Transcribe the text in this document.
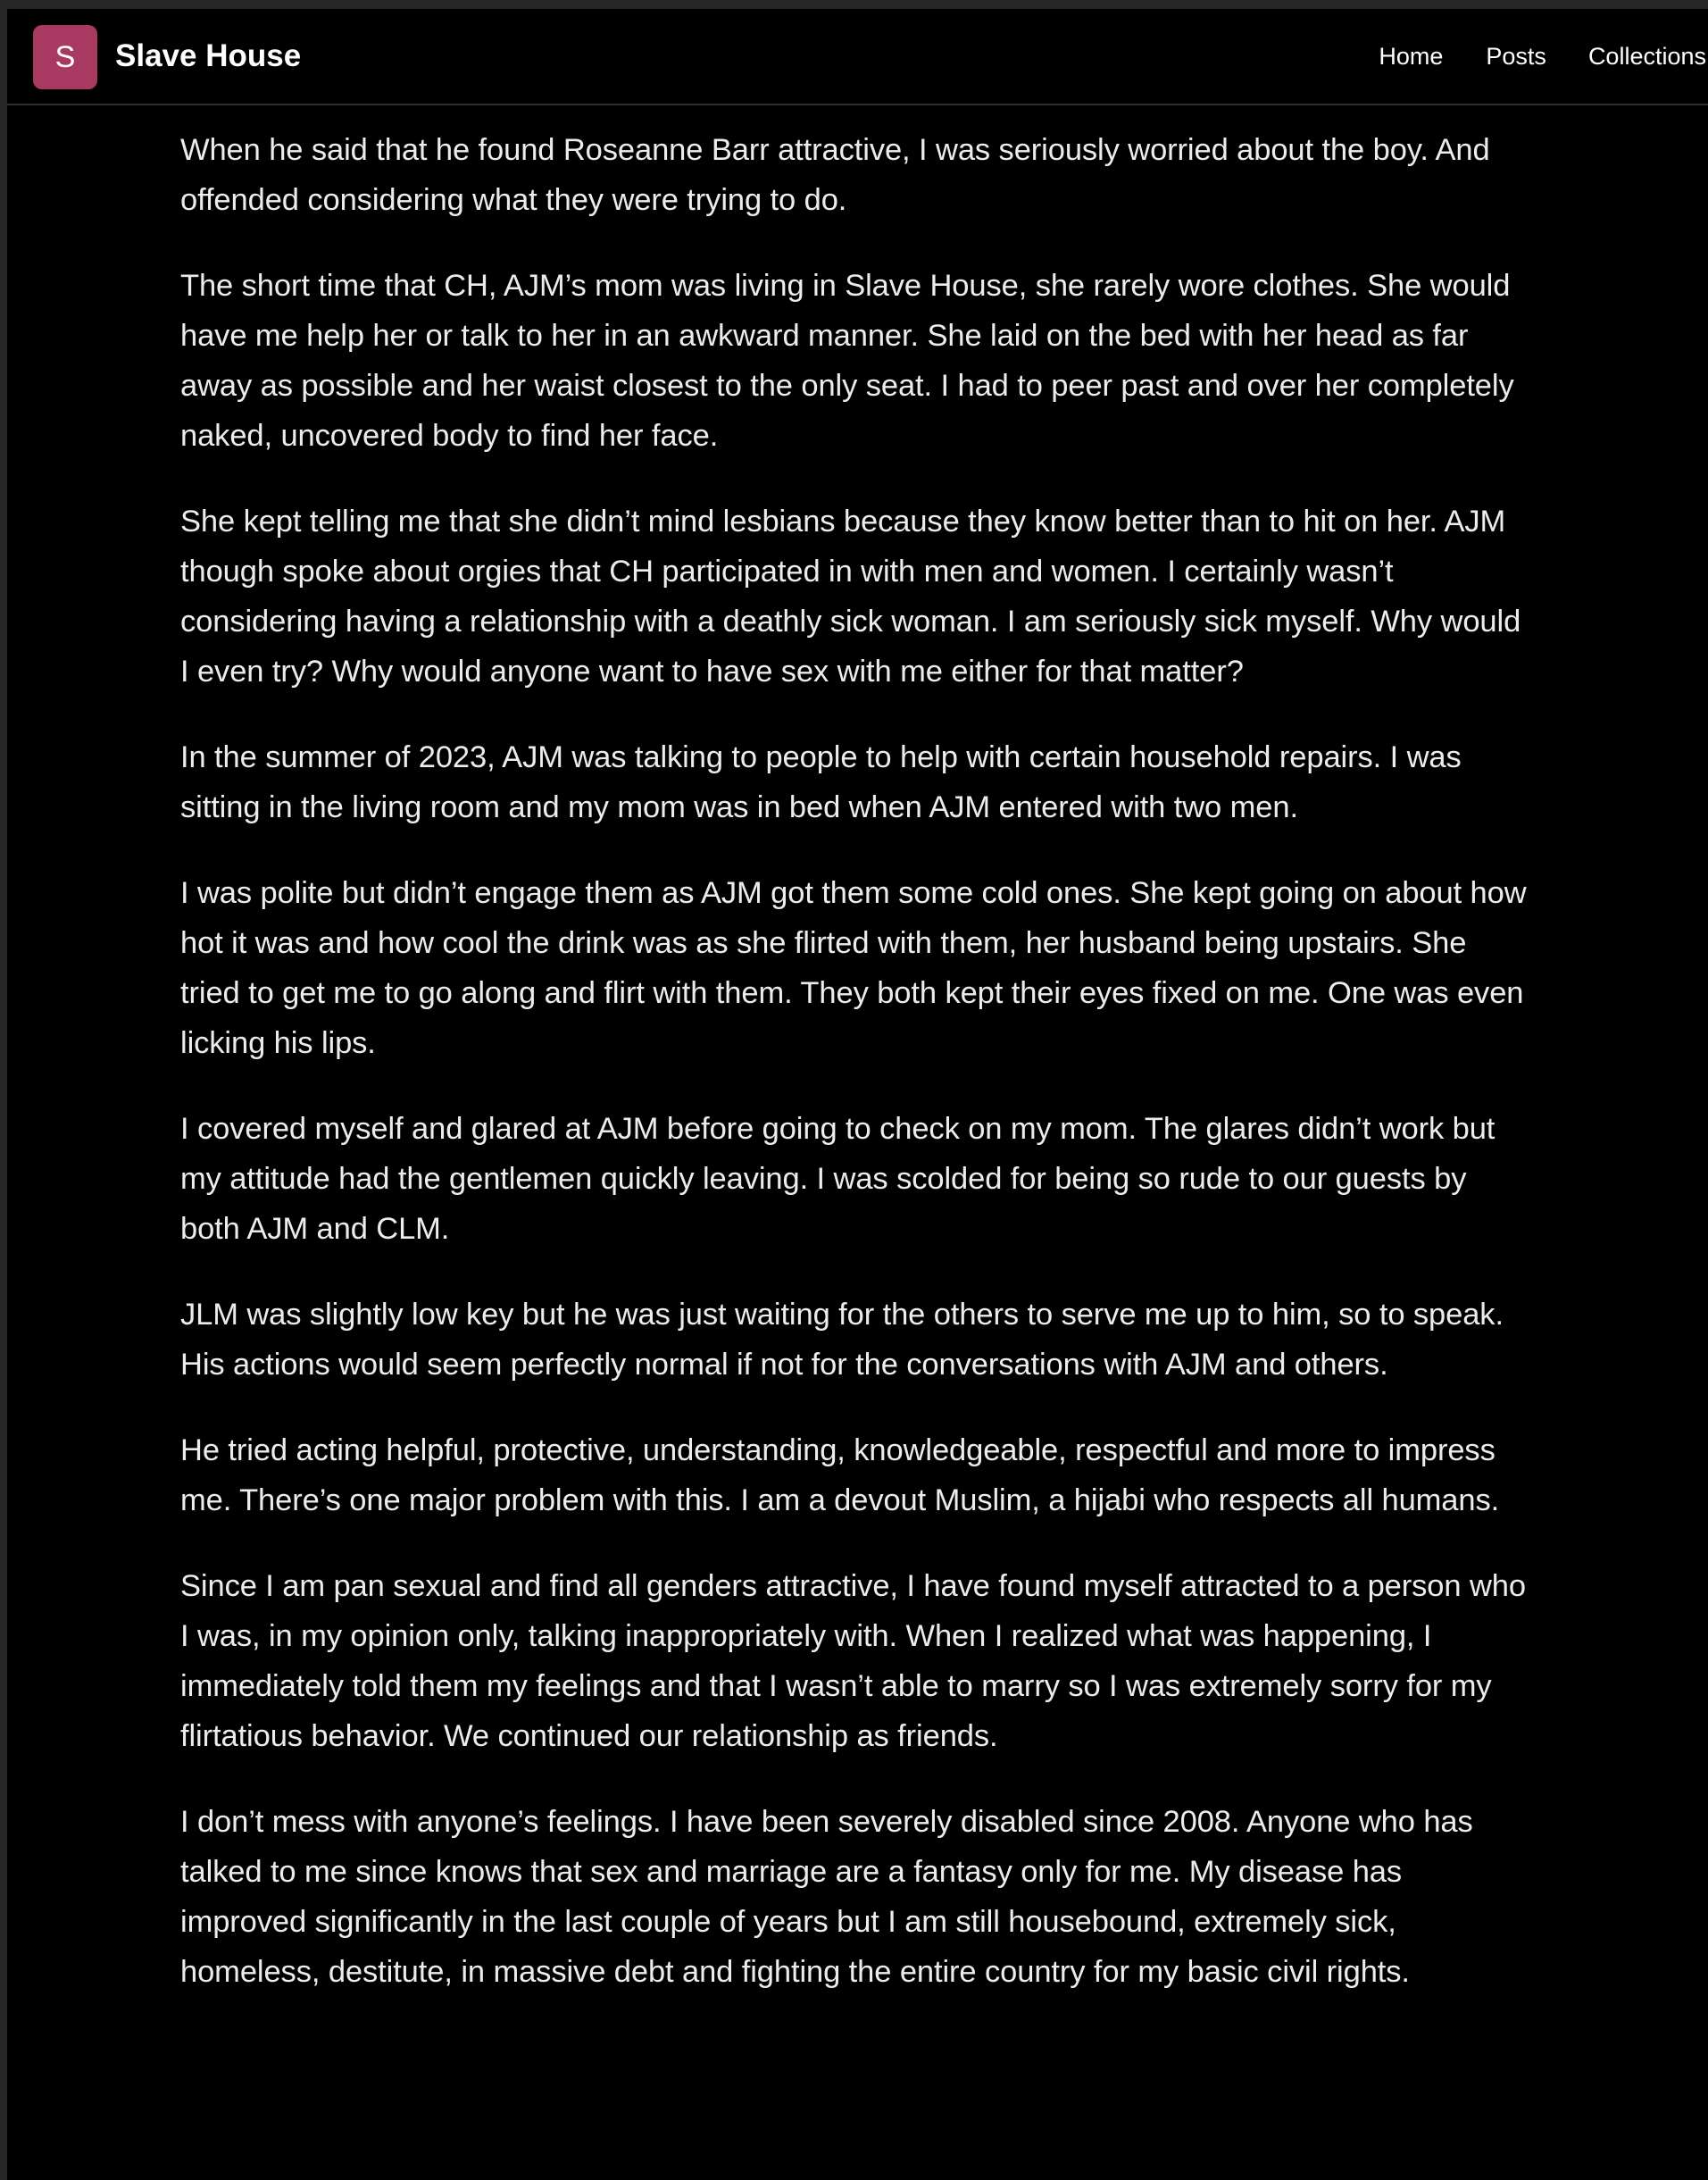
S	Slave House	Home Posts Collections

When he said that he found Roseanne Barr attractive, I was seriously worried about the boy. And offended considering what they were trying to do.

The short time that CH, AJM’s mom was living in Slave House, she rarely wore clothes. She would have me help her or talk to her in an awkward manner. She laid on the bed with her head as far away as possible and her waist closest to the only seat. I had to peer past and over her completely naked, uncovered body to find her face.

She kept telling me that she didn’t mind lesbians because they know better than to hit on her. AJM though spoke about orgies that CH participated in with men and women. I certainly wasn’t considering having a relationship with a deathly sick woman. I am seriously sick myself. Why would I even try? Why would anyone want to have sex with me either for that matter?

In the summer of 2023, AJM was talking to people to help with certain household repairs. I was sitting in the living room and my mom was in bed when AJM entered with two men.

I was polite but didn’t engage them as AJM got them some cold ones. She kept going on about how hot it was and how cool the drink was as she flirted with them, her husband being upstairs. She tried to get me to go along and flirt with them. They both kept their eyes fixed on me. One was even licking his lips.

I covered myself and glared at AJM before going to check on my mom. The glares didn’t work but my attitude had the gentlemen quickly leaving. I was scolded for being so rude to our guests by both AJM and CLM.

JLM was slightly low key but he was just waiting for the others to serve me up to him, so to speak. His actions would seem perfectly normal if not for the conversations with AJM and others.

He tried acting helpful, protective, understanding, knowledgeable, respectful and more to impress me. There’s one major problem with this. I am a devout Muslim, a hijabi who respects all humans.

Since I am pan sexual and find all genders attractive, I have found myself attracted to a person who I was, in my opinion only, talking inappropriately with. When I realized what was happening, I immediately told them my feelings and that I wasn’t able to marry so I was extremely sorry for my flirtatious behavior. We continued our relationship as friends.

I don’t mess with anyone’s feelings. I have been severely disabled since 2008. Anyone who has talked to me since knows that sex and marriage are a fantasy only for me. My disease has improved significantly in the last couple of years but I am still housebound, extremely sick, homeless, destitute, in massive debt and fighting the entire country for my basic civil rights.
